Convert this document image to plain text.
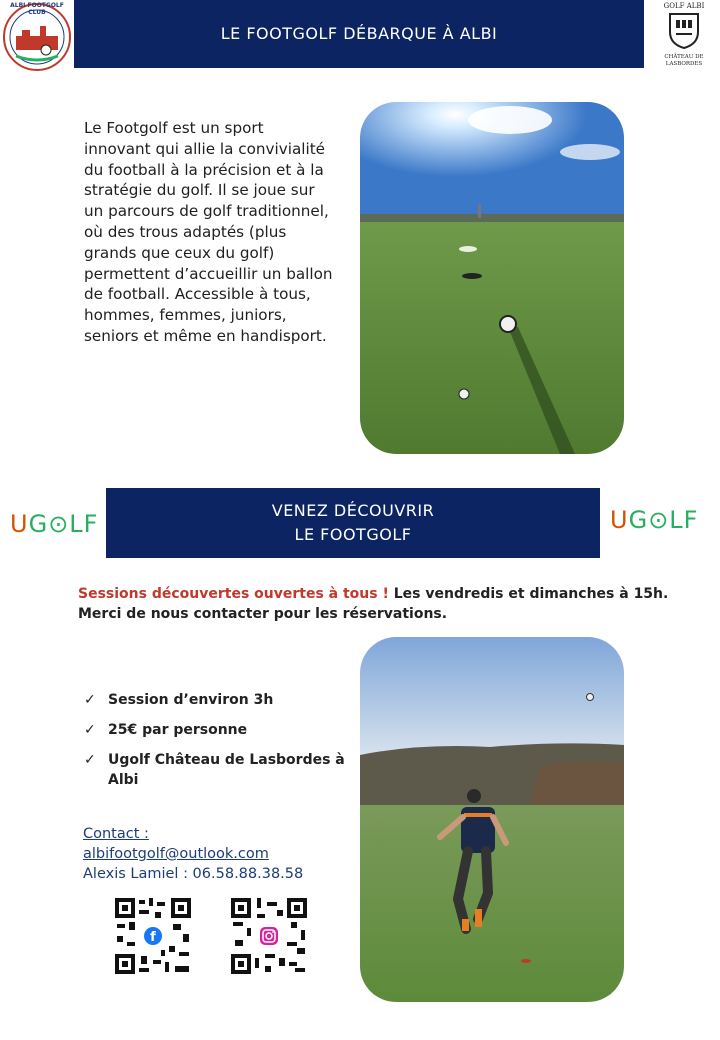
ALBI FOOTGOLF CLUB
LE FOOTGOLF DÉBARQUE À ALBI
GOLF ALBI
CHÂTEAU DE LASBORDES
Le Footgolf est un sport innovant qui allie la convivialité du football à la précision et à la stratégie du golf. Il se joue sur un parcours de golf traditionnel, où des trous adaptés (plus grands que ceux du golf) permettent d’accueillir un ballon de football. Accessible à tous, hommes, femmes, juniors, seniors et même en handisport.
UG⊙LF	UG⊙LF
VENEZ DÉCOUVRIR
LE FOOTGOLF
Sessions découvertes ouvertes à tous ! Les vendredis et dimanches à 15h. Merci de nous contacter pour les réservations.
✓ Session d’environ 3h
✓ 25€ par personne
✓ Ugolf Château de Lasbordes à Albi
Contact :
albifootgolf@outlook.com
Alexis Lamiel : 06.58.88.38.58
f
